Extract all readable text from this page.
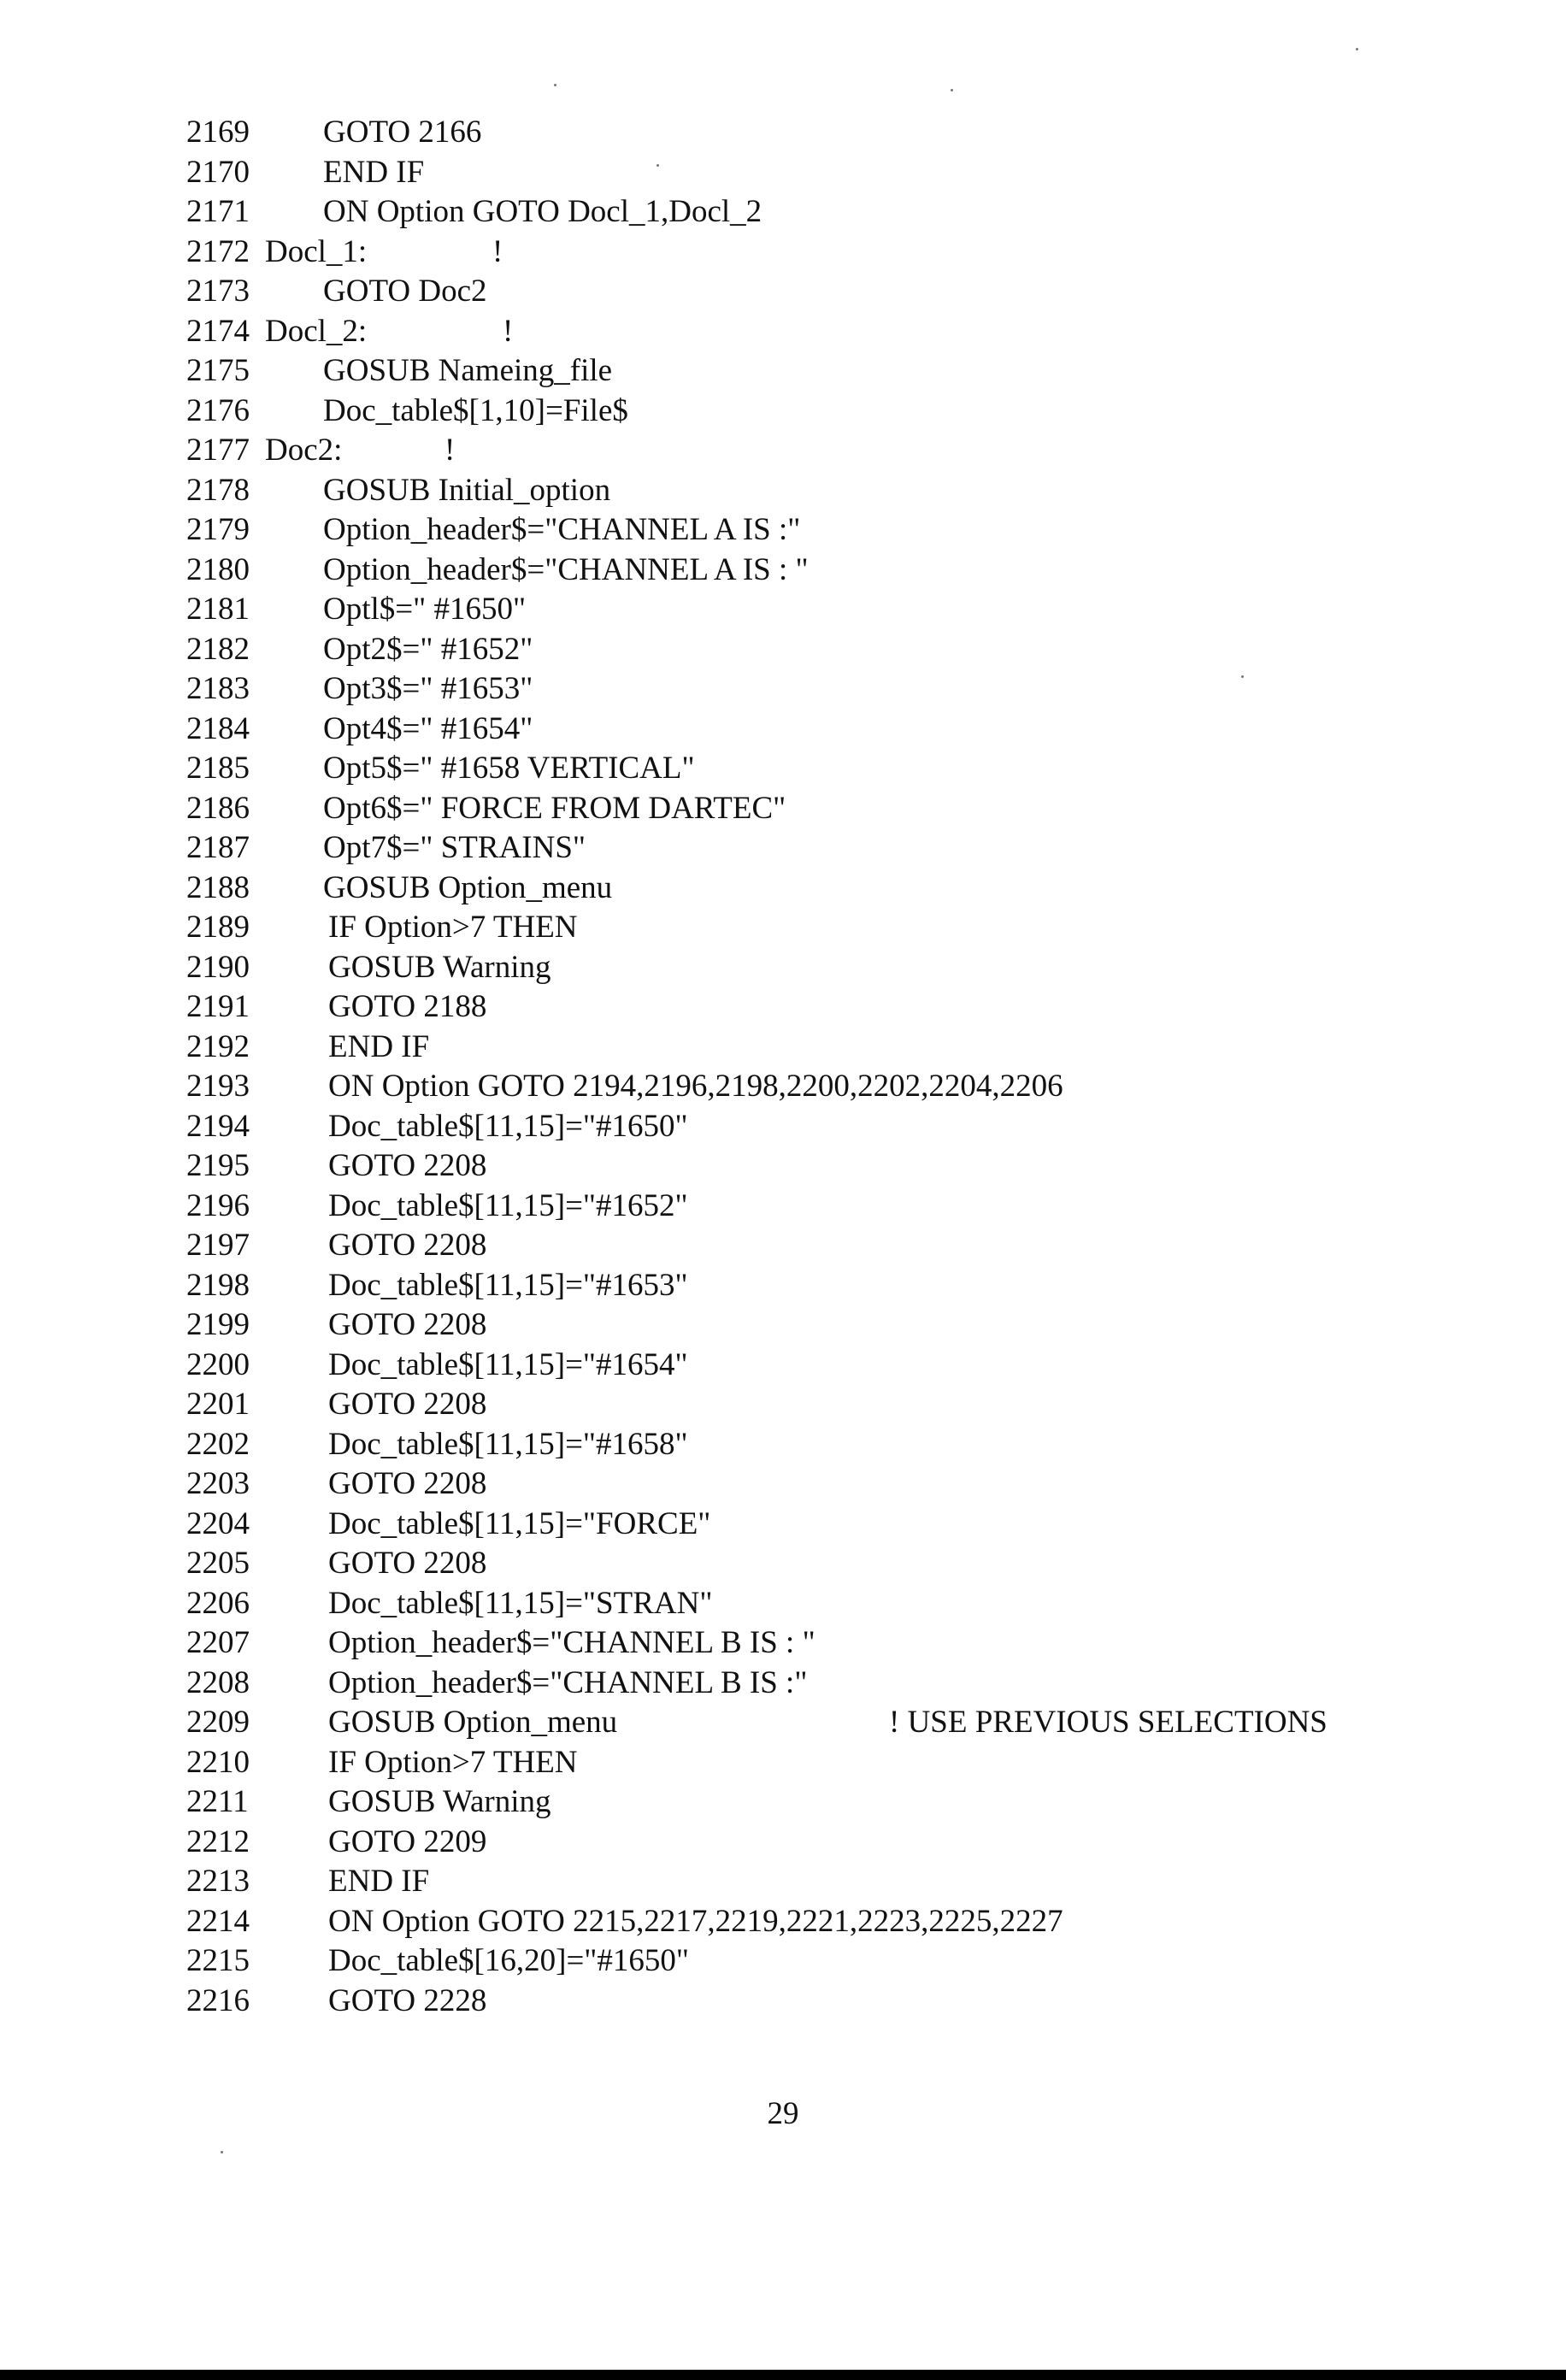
2169 GOTO 2166
2170 END IF
2171 ON Option GOTO Docl_1,Docl_2
2172 Docl_1:	!
2173 GOTO Doc2
2174 Docl_2:	!
2175 GOSUB Nameing_file
2176 Doc_table$[1,10]=File$
2177 Doc2:	!
2178 GOSUB Initial_option
2179 Option_header$="CHANNEL A IS :"
2180 Option_header$="CHANNEL A IS : "
2181 Optl$=" #1650"
2182 Opt2$=" #1652"
2183 Opt3$=" #1653"
2184 Opt4$=" #1654"
2185 Opt5$=" #1658 VERTICAL"
2186 Opt6$=" FORCE FROM DARTEC"
2187 Opt7$=" STRAINS"
2188 GOSUB Option_menu
2189 IF Option>7 THEN
2190 GOSUB Warning
2191 GOTO 2188
2192 END IF
2193 ON Option GOTO 2194,2196,2198,2200,2202,2204,2206
2194 Doc_table$[11,15]="#1650"
2195 GOTO 2208
2196 Doc_table$[11,15]="#1652"
2197 GOTO 2208
2198 Doc_table$[11,15]="#1653"
2199 GOTO 2208
2200 Doc_table$[11,15]="#1654"
2201 GOTO 2208
2202 Doc_table$[11,15]="#1658"
2203 GOTO 2208
2204 Doc_table$[11,15]="FORCE"
2205 GOTO 2208
2206 Doc_table$[11,15]="STRAN"
2207 Option_header$="CHANNEL B IS : "
2208 Option_header$="CHANNEL B IS :"
2209 GOSUB Option_menu	! USE PREVIOUS SELECTIONS
2210 IF Option>7 THEN
2211	GOSUB Warning
2212 GOTO 2209
2213 END IF
2214 ON Option GOTO 2215,2217,2219,2221,2223,2225,2227
2215 Doc_table$[16,20]="#1650"
2216 GOTO 2228
29
